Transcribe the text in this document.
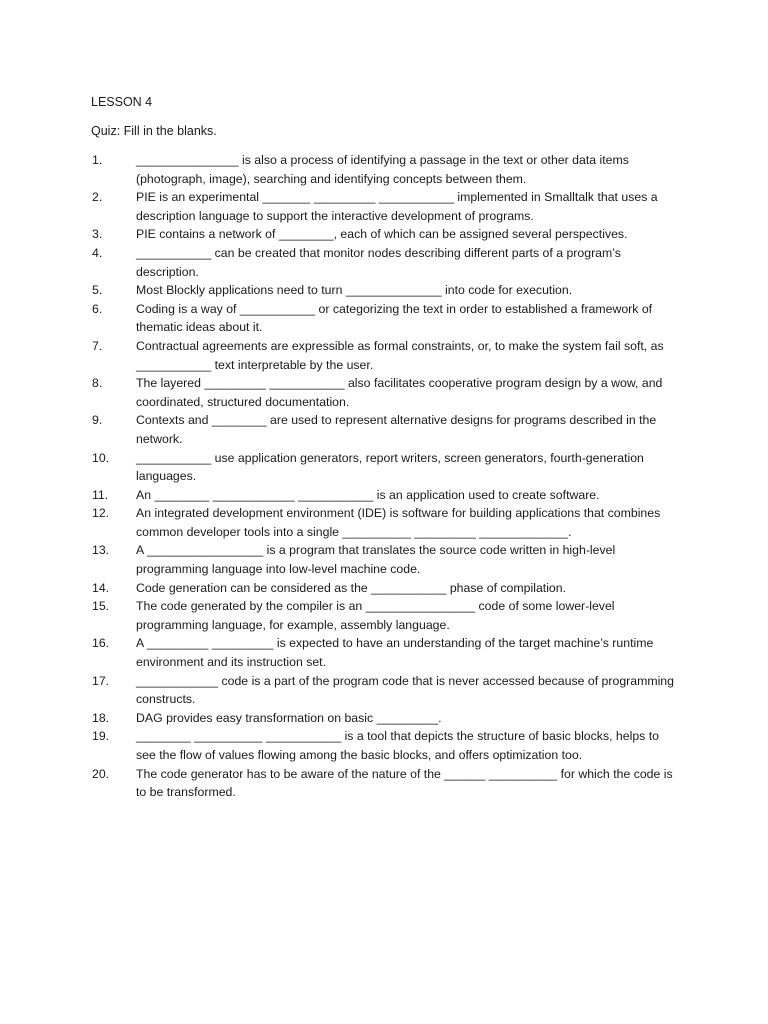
LESSON 4
Quiz: Fill in the blanks.
1.	_______________ is also a process of identifying a passage in the text or other data items (photograph, image), searching and identifying concepts between them.
2.	PIE is an experimental _______ _________ ___________ implemented in Smalltalk that uses a description language to support the interactive development of programs.
3.	PIE contains a network of ________, each of which can be assigned several perspectives.
4.	___________ can be created that monitor nodes describing different parts of a program’s description.
5.	Most Blockly applications need to turn ______________ into code for execution.
6.	Coding is a way of ___________ or categorizing the text in order to established a framework of thematic ideas about it.
7.	Contractual agreements are expressible as formal constraints, or, to make the system fail soft, as ___________ text interpretable by the user.
8.	The layered _________ ___________ also facilitates cooperative program design by a wow, and coordinated, structured documentation.
9.	Contexts and ________ are used to represent alternative designs for programs described in the network.
10.	___________ use application generators, report writers, screen generators, fourth-generation languages.
11.	An ________ ____________ ___________ is an application used to create software.
12.	An integrated development environment (IDE) is software for building applications that combines common developer tools into a single __________ _________ _____________.
13.	A _________________ is a program that translates the source code written in high-level programming language into low-level machine code.
14.	Code generation can be considered as the ___________ phase of compilation.
15.	The code generated by the compiler is an ________________ code of some lower-level programming language, for example, assembly language.
16.	A _________ _________ is expected to have an understanding of the target machine’s runtime environment and its instruction set.
17.	____________ code is a part of the program code that is never accessed because of programming constructs.
18.	DAG provides easy transformation on basic _________.
19.	________ __________ ___________ is a tool that depicts the structure of basic blocks, helps to see the flow of values flowing among the basic blocks, and offers optimization too.
20.	The code generator has to be aware of the nature of the ______ __________ for which the code is to be transformed.
